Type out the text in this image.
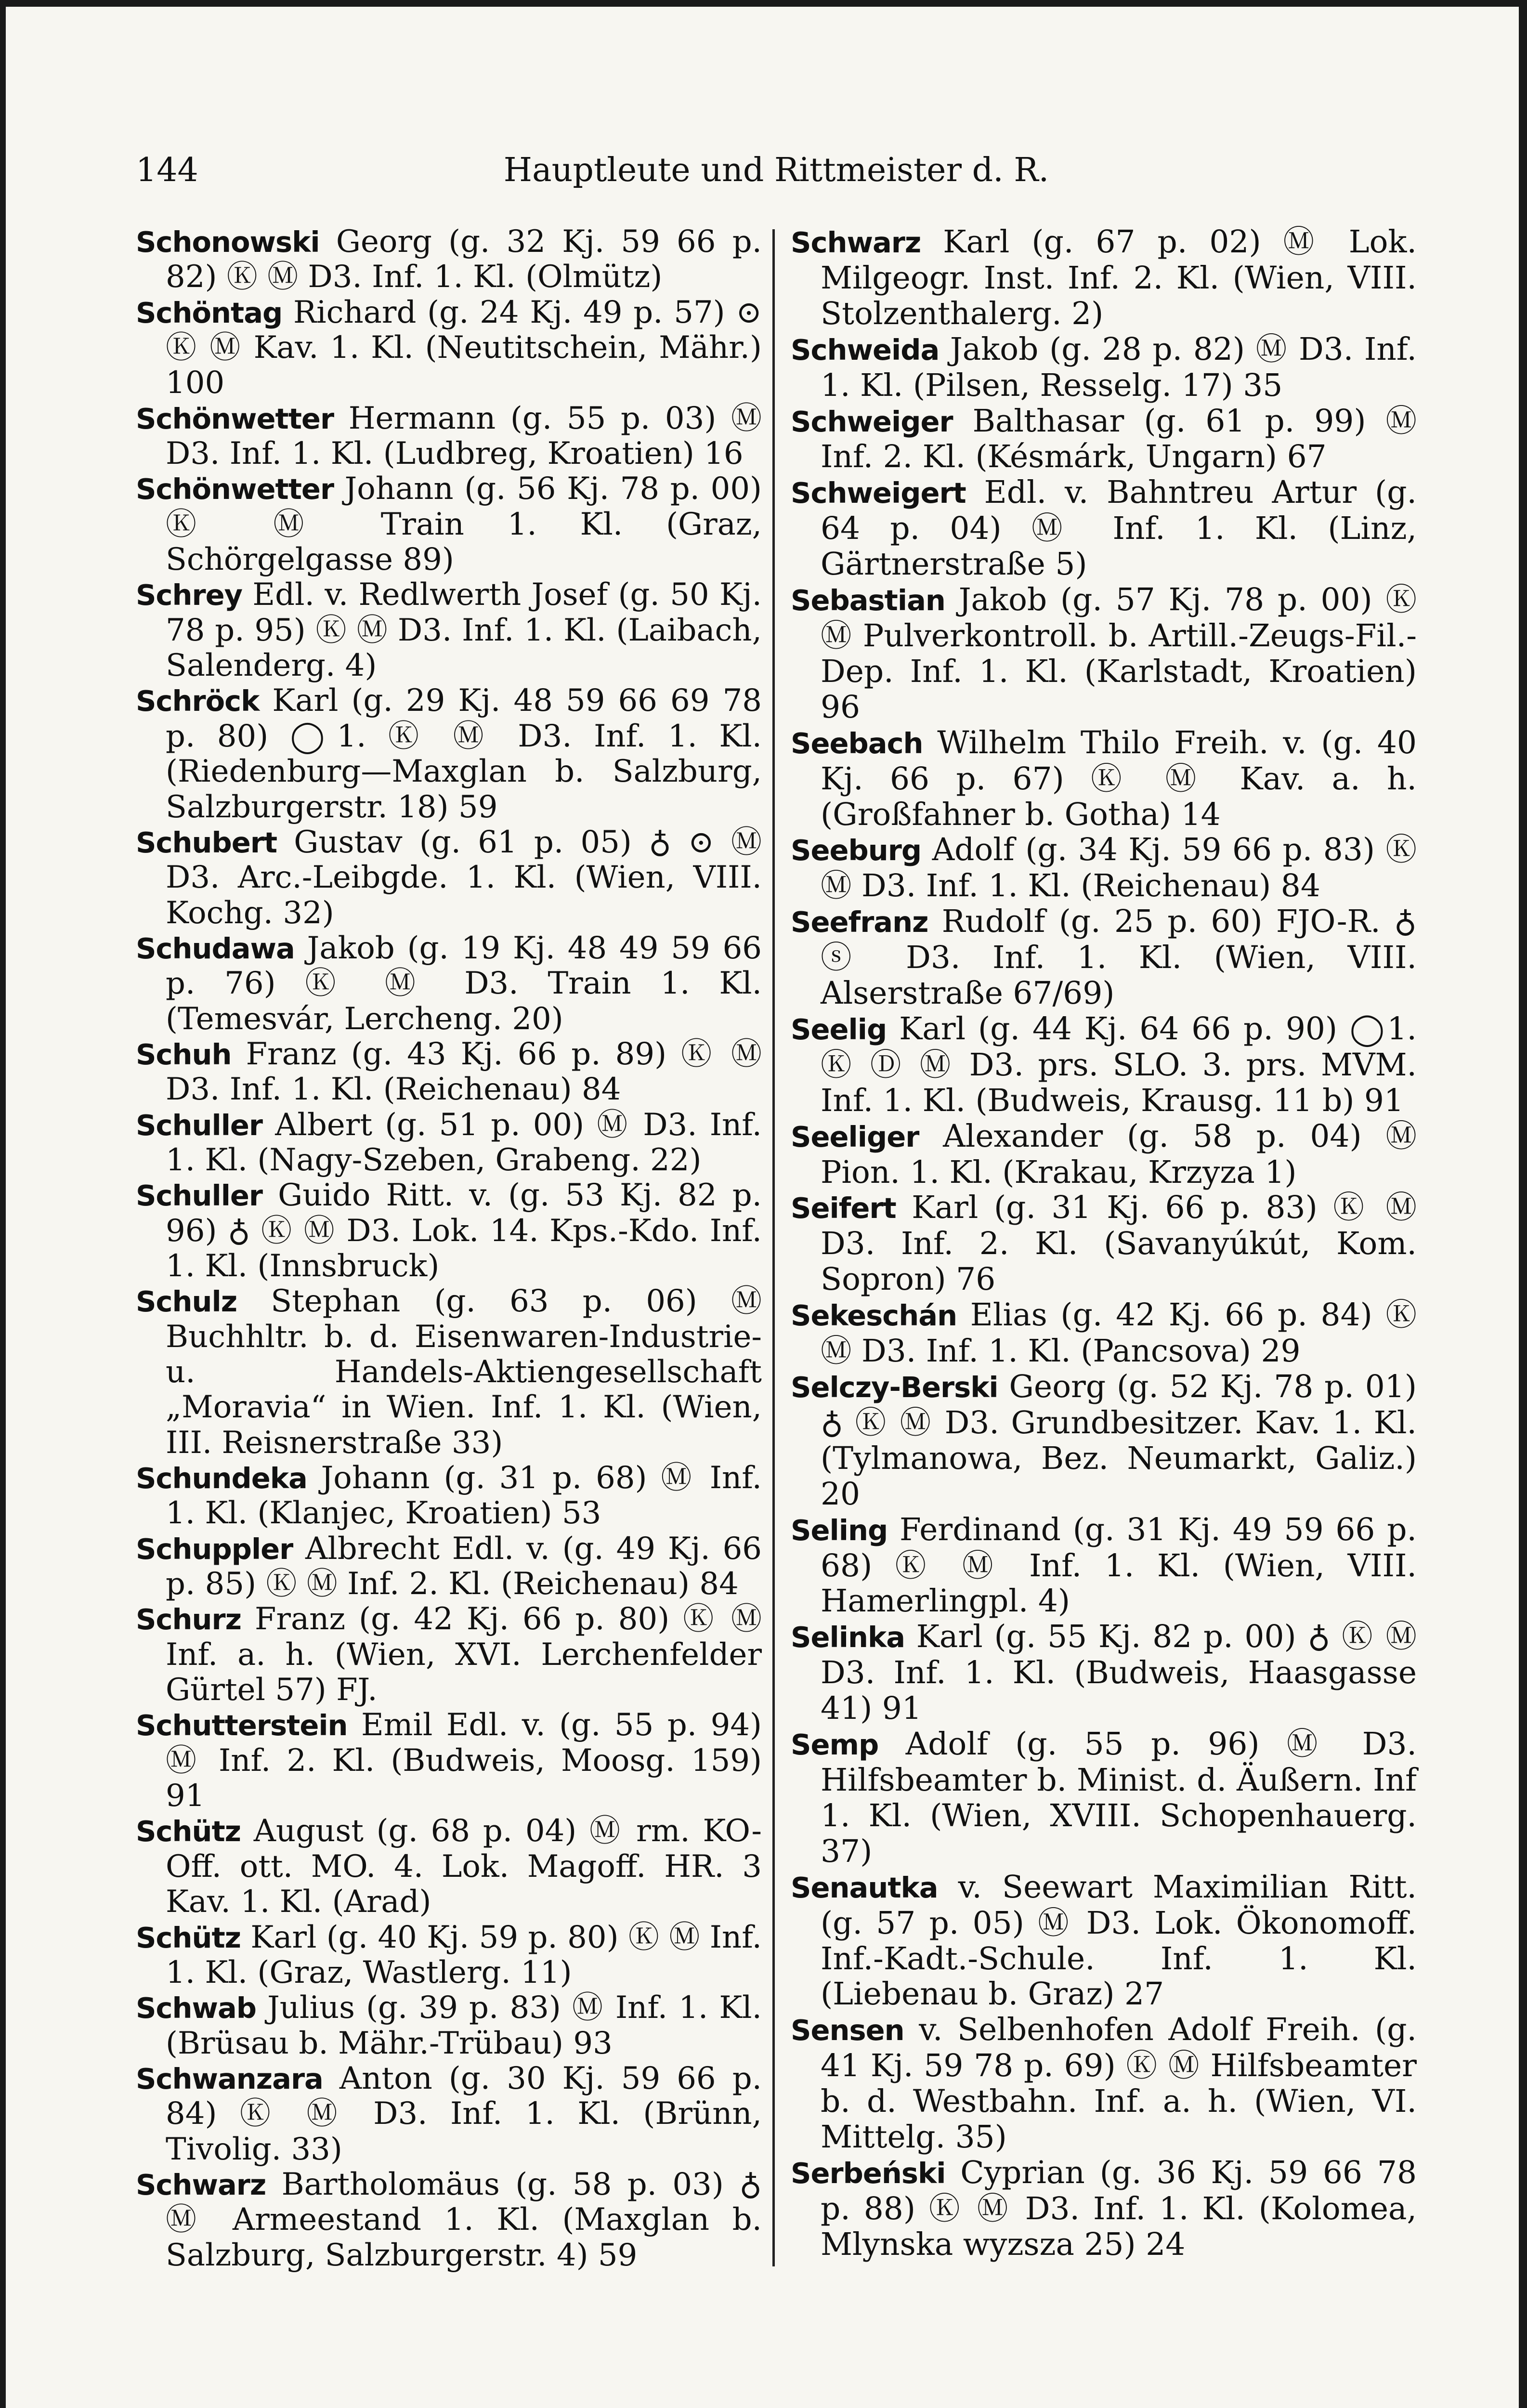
144	Hauptleute und Rittmeister d. R.

Schonowski Georg (g. 32 Kj. 59 66 p. 82) Ⓚ Ⓜ D3. Inf. 1. Kl. (Olmütz)

Schöntag Richard (g. 24 Kj. 49 p. 57) ⊙ Ⓚ Ⓜ Kav. 1. Kl. (Neutitschein, Mähr.) 100

Schönwetter Hermann (g. 55 p. 03) Ⓜ D3. Inf. 1. Kl. (Ludbreg, Kroatien) 16

Schönwetter Johann (g. 56 Kj. 78 p. 00) Ⓚ Ⓜ Train 1. Kl. (Graz, Schörgelgasse 89)

Schrey Edl. v. Redlwerth Josef (g. 50 Kj. 78 p. 95) Ⓚ Ⓜ D3. Inf. 1. Kl. (Laibach, Salenderg. 4)

Schröck Karl (g. 29 Kj. 48 59 66 69 78 p. 80) ◯1. Ⓚ Ⓜ D3. Inf. 1. Kl. (Riedenburg—Maxglan b. Salzburg, Salzburgerstr. 18) 59

Schubert Gustav (g. 61 p. 05) ♁ ⊙ Ⓜ D3. Arc.-Leibgde. 1. Kl. (Wien, VIII. Kochg. 32)

Schudawa Jakob (g. 19 Kj. 48 49 59 66 p. 76) Ⓚ Ⓜ D3. Train 1. Kl. (Temesvár, Lercheng. 20)

Schuh Franz (g. 43 Kj. 66 p. 89) Ⓚ Ⓜ D3. Inf. 1. Kl. (Reichenau) 84

Schuller Albert (g. 51 p. 00) Ⓜ D3. Inf. 1. Kl. (Nagy-Szeben, Grabeng. 22)

Schuller Guido Ritt. v. (g. 53 Kj. 82 p. 96) ♁ Ⓚ Ⓜ D3. Lok. 14. Kps.-Kdo. Inf. 1. Kl. (Innsbruck)

Schulz Stephan (g. 63 p. 06) Ⓜ Buchhltr. b. d. Eisenwaren-Industrie- u. Handels-Aktiengesellschaft „Moravia“ in Wien. Inf. 1. Kl. (Wien, III. Reisnerstraße 33)

Schundeka Johann (g. 31 p. 68) Ⓜ Inf. 1. Kl. (Klanjec, Kroatien) 53

Schuppler Albrecht Edl. v. (g. 49 Kj. 66 p. 85) Ⓚ Ⓜ Inf. 2. Kl. (Reichenau) 84

Schurz Franz (g. 42 Kj. 66 p. 80) Ⓚ Ⓜ Inf. a. h. (Wien, XVI. Lerchenfelder Gürtel 57) FJ.

Schutterstein Emil Edl. v. (g. 55 p. 94) Ⓜ Inf. 2. Kl. (Budweis, Moosg. 159) 91

Schütz August (g. 68 p. 04) Ⓜ rm. KO-Off. ott. MO. 4. Lok. Magoff. HR. 3 Kav. 1. Kl. (Arad)

Schütz Karl (g. 40 Kj. 59 p. 80) Ⓚ Ⓜ Inf. 1. Kl. (Graz, Wastlerg. 11)

Schwab Julius (g. 39 p. 83) Ⓜ Inf. 1. Kl. (Brüsau b. Mähr.-Trübau) 93

Schwanzara Anton (g. 30 Kj. 59 66 p. 84) Ⓚ Ⓜ D3. Inf. 1. Kl. (Brünn, Tivolig. 33)

Schwarz Bartholomäus (g. 58 p. 03) ♁ Ⓜ Armeestand 1. Kl. (Maxglan b. Salzburg, Salzburgerstr. 4) 59

Schwarz Karl (g. 67 p. 02) Ⓜ Lok. Milgeogr. Inst. Inf. 2. Kl. (Wien, VIII. Stolzenthalerg. 2)

Schweida Jakob (g. 28 p. 82) Ⓜ D3. Inf. 1. Kl. (Pilsen, Resselg. 17) 35

Schweiger Balthasar (g. 61 p. 99) Ⓜ Inf. 2. Kl. (Késmárk, Ungarn) 67

Schweigert Edl. v. Bahntreu Artur (g. 64 p. 04) Ⓜ Inf. 1. Kl. (Linz, Gärtnerstraße 5)

Sebastian Jakob (g. 57 Kj. 78 p. 00) Ⓚ Ⓜ Pulverkontroll. b. Artill.-Zeugs-Fil.-Dep. Inf. 1. Kl. (Karlstadt, Kroatien) 96

Seebach Wilhelm Thilo Freih. v. (g. 40 Kj. 66 p. 67) Ⓚ Ⓜ Kav. a. h. (Großfahner b. Gotha) 14

Seeburg Adolf (g. 34 Kj. 59 66 p. 83) Ⓚ Ⓜ D3. Inf. 1. Kl. (Reichenau) 84

Seefranz Rudolf (g. 25 p. 60) FJO-R. ♁ ⓢ D3. Inf. 1. Kl. (Wien, VIII. Alserstraße 67/69)

Seelig Karl (g. 44 Kj. 64 66 p. 90) ◯1. Ⓚ Ⓓ Ⓜ D3. prs. SLO. 3. prs. MVM. Inf. 1. Kl. (Budweis, Krausg. 11 b) 91

Seeliger Alexander (g. 58 p. 04) Ⓜ Pion. 1. Kl. (Krakau, Krzyza 1)

Seifert Karl (g. 31 Kj. 66 p. 83) Ⓚ Ⓜ D3. Inf. 2. Kl. (Savanyúkút, Kom. Sopron) 76

Sekeschán Elias (g. 42 Kj. 66 p. 84) Ⓚ Ⓜ D3. Inf. 1. Kl. (Pancsova) 29

Selczy-Berski Georg (g. 52 Kj. 78 p. 01) ♁ Ⓚ Ⓜ D3. Grundbesitzer. Kav. 1. Kl. (Tylmanowa, Bez. Neumarkt, Galiz.) 20

Seling Ferdinand (g. 31 Kj. 49 59 66 p. 68) Ⓚ Ⓜ Inf. 1. Kl. (Wien, VIII. Hamerlingpl. 4)

Selinka Karl (g. 55 Kj. 82 p. 00) ♁ Ⓚ Ⓜ D3. Inf. 1. Kl. (Budweis, Haasgasse 41) 91

Semp Adolf (g. 55 p. 96) Ⓜ D3. Hilfsbeamter b. Minist. d. Äußern. Inf 1. Kl. (Wien, XVIII. Schopenhauerg. 37)

Senautka v. Seewart Maximilian Ritt. (g. 57 p. 05) Ⓜ D3. Lok. Ökonomoff. Inf.-Kadt.-Schule. Inf. 1. Kl. (Liebenau b. Graz) 27

Sensen v. Selbenhofen Adolf Freih. (g. 41 Kj. 59 78 p. 69) Ⓚ Ⓜ Hilfsbeamter b. d. Westbahn. Inf. a. h. (Wien, VI. Mittelg. 35)

Serbeński Cyprian (g. 36 Kj. 59 66 78 p. 88) Ⓚ Ⓜ D3. Inf. 1. Kl. (Kolomea, Mlynska wyzsza 25) 24
